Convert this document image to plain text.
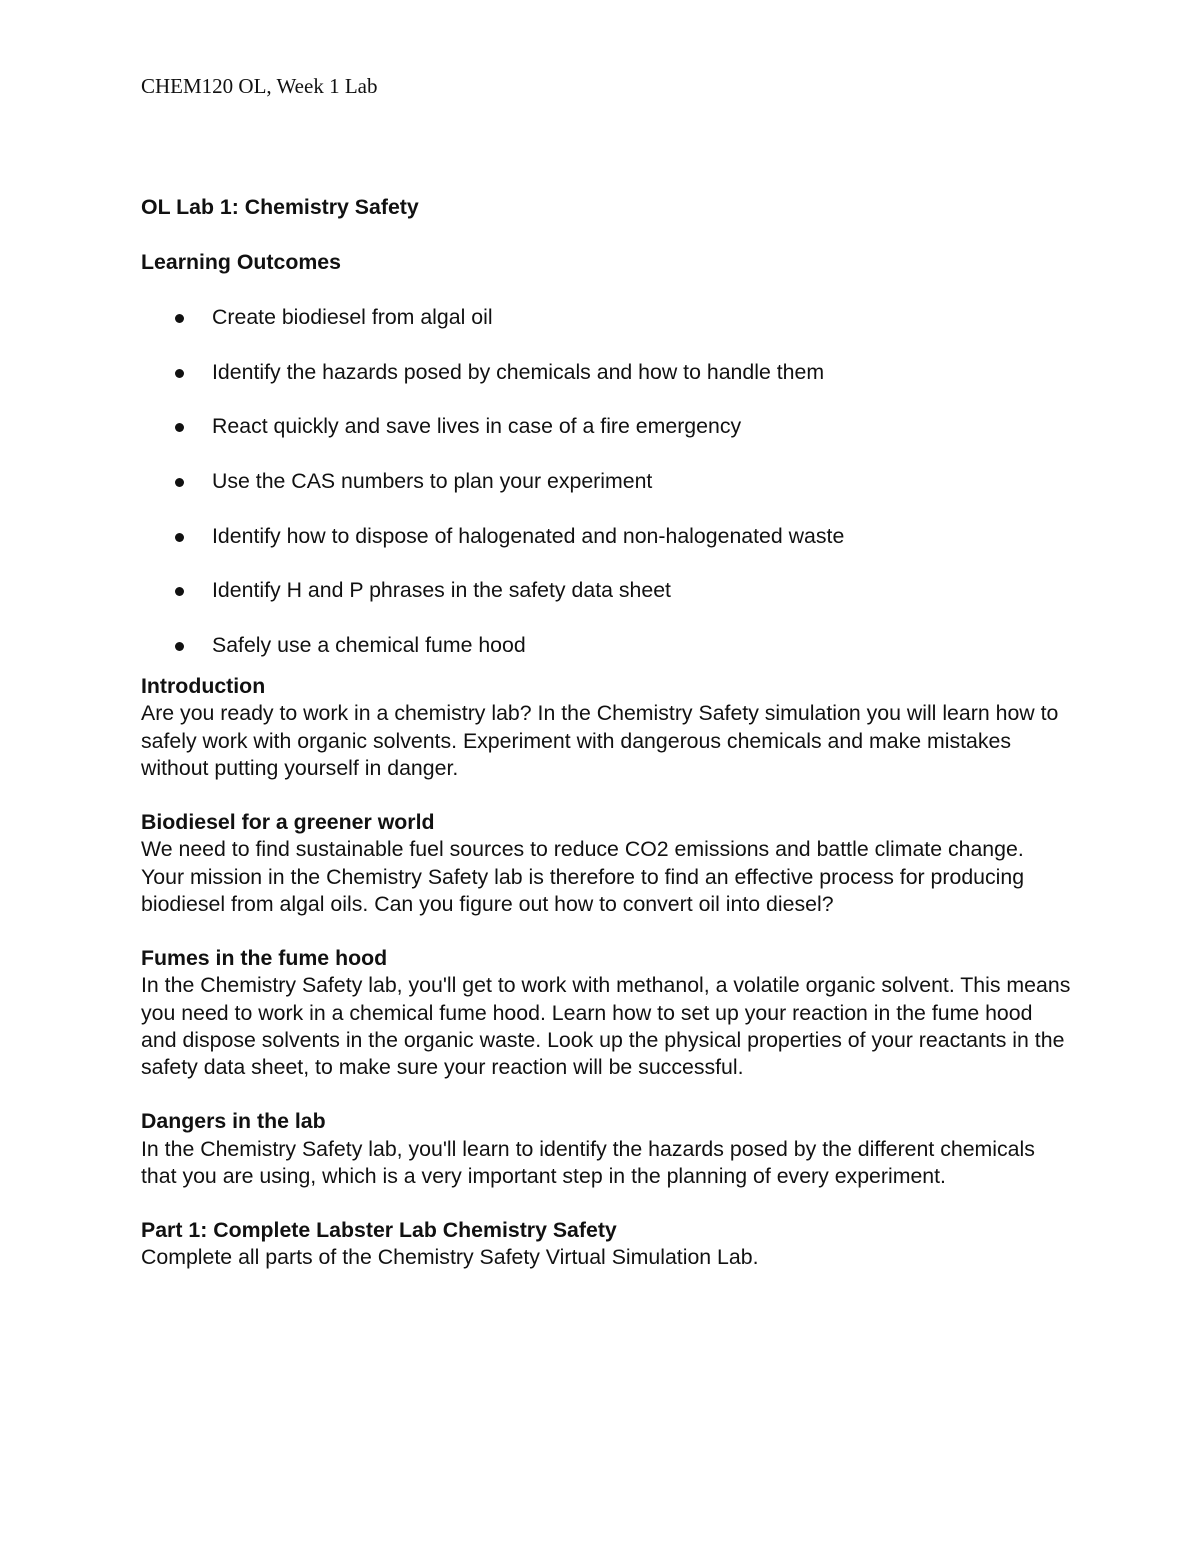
CHEM120 OL, Week 1 Lab
OL Lab 1: Chemistry Safety
Learning Outcomes
Create biodiesel from algal oil
Identify the hazards posed by chemicals and how to handle them
React quickly and save lives in case of a fire emergency
Use the CAS numbers to plan your experiment
Identify how to dispose of halogenated and non-halogenated waste
Identify H and P phrases in the safety data sheet
Safely use a chemical fume hood
Introduction
Are you ready to work in a chemistry lab? In the Chemistry Safety simulation you will learn how to safely work with organic solvents. Experiment with dangerous chemicals and make mistakes without putting yourself in danger.
Biodiesel for a greener world
We need to find sustainable fuel sources to reduce CO2 emissions and battle climate change. Your mission in the Chemistry Safety lab is therefore to find an effective process for producing biodiesel from algal oils. Can you figure out how to convert oil into diesel?
Fumes in the fume hood
In the Chemistry Safety lab, you'll get to work with methanol, a volatile organic solvent. This means you need to work in a chemical fume hood. Learn how to set up your reaction in the fume hood and dispose solvents in the organic waste. Look up the physical properties of your reactants in the safety data sheet, to make sure your reaction will be successful.
Dangers in the lab
In the Chemistry Safety lab, you'll learn to identify the hazards posed by the different chemicals that you are using, which is a very important step in the planning of every experiment.
Part 1: Complete Labster Lab Chemistry Safety
Complete all parts of the Chemistry Safety Virtual Simulation Lab.
